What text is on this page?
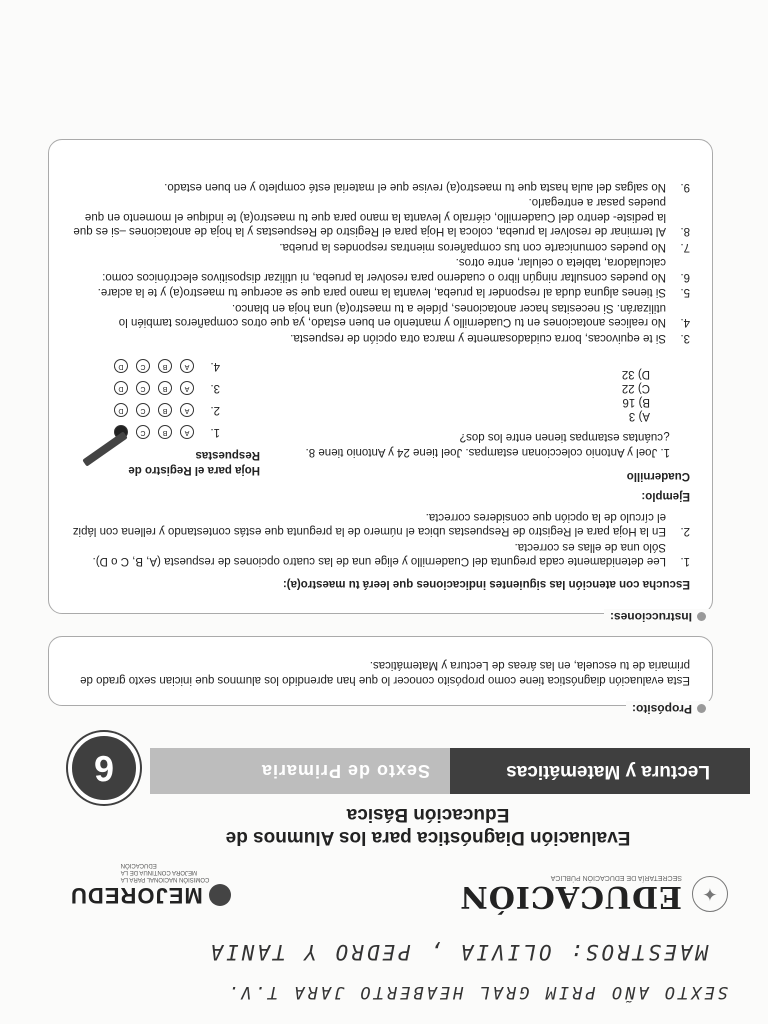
SEXTO AÑO PRIM GRAL HEABERTO JARA T.V.
MAESTROS: OLIVIA , PEDRO Y TANIA
✦
EDUCACIÓN
SECRETARÍA DE EDUCACIÓN PÚBLICA
MEJOREDU
COMISIÓN NACIONAL PARA LA MEJORA CONTINUA DE LA EDUCACIÓN
Evaluación Diagnóstica para los Alumnos de Educación Básica
Lectura y Matemáticas
Sexto de Primaria
6
Propósito:
Esta evaluación diagnóstica tiene como propósito conocer lo que han aprendido los alumnos que inician sexto grado de primaria de tu escuela, en las áreas de Lectura y Matemáticas.
Instrucciones:
Escucha con atención las siguientes indicaciones que leerá tu maestro(a):
1.
Lee detenidamente cada pregunta del Cuadernillo y elige una de las cuatro opciones de respuesta (A, B, C o D). Sólo una de ellas es correcta.
2.
En la Hoja para el Registro de Respuestas ubica el número de la pregunta que estás contestando y rellena con lápiz el círculo de la opción que consideres correcta.
Ejemplo:
Cuadernillo
Hoja para el Registro de Respuestas	1. Joel y Antonio coleccionan estampas. Joel tiene 24 y Antonio tiene 8. ¿cuántas estampas tienen entre los dos?
A) 3
B) 16
C) 22
D) 32
1.
A
B
C
2.
A
B
C
D
3.
A
B
C
D
4.
A
B
C
D
3.
Si te equivocas, borra cuidadosamente y marca otra opción de respuesta.
4.
No realices anotaciones en tu Cuadernillo y mantenlo en buen estado, ya que otros compañeros también lo utilizarán. Si necesitas hacer anotaciones, pídele a tu maestro(a) una hoja en blanco.
5.
Si tienes alguna duda al responder la prueba, levanta la mano para que se acerque tu maestro(a) y te la aclare.
6.
No puedes consultar ningún libro o cuaderno para resolver la prueba, ni utilizar dispositivos electrónicos como: calculadora, tableta o celular, entre otros.
7.
No puedes comunicarte con tus compañeros mientras respondes la prueba.
8.
Al terminar de resolver la prueba, coloca la Hoja para el Registro de Respuestas y la hoja de anotaciones –si es que la pediste- dentro del Cuadernillo, ciérralo y levanta la mano para que tu maestro(a) te indique el momento en que puedes pasar a entregarlo.
9.
No salgas del aula hasta que tu maestro(a) revise que el material esté completo y en buen estado.
